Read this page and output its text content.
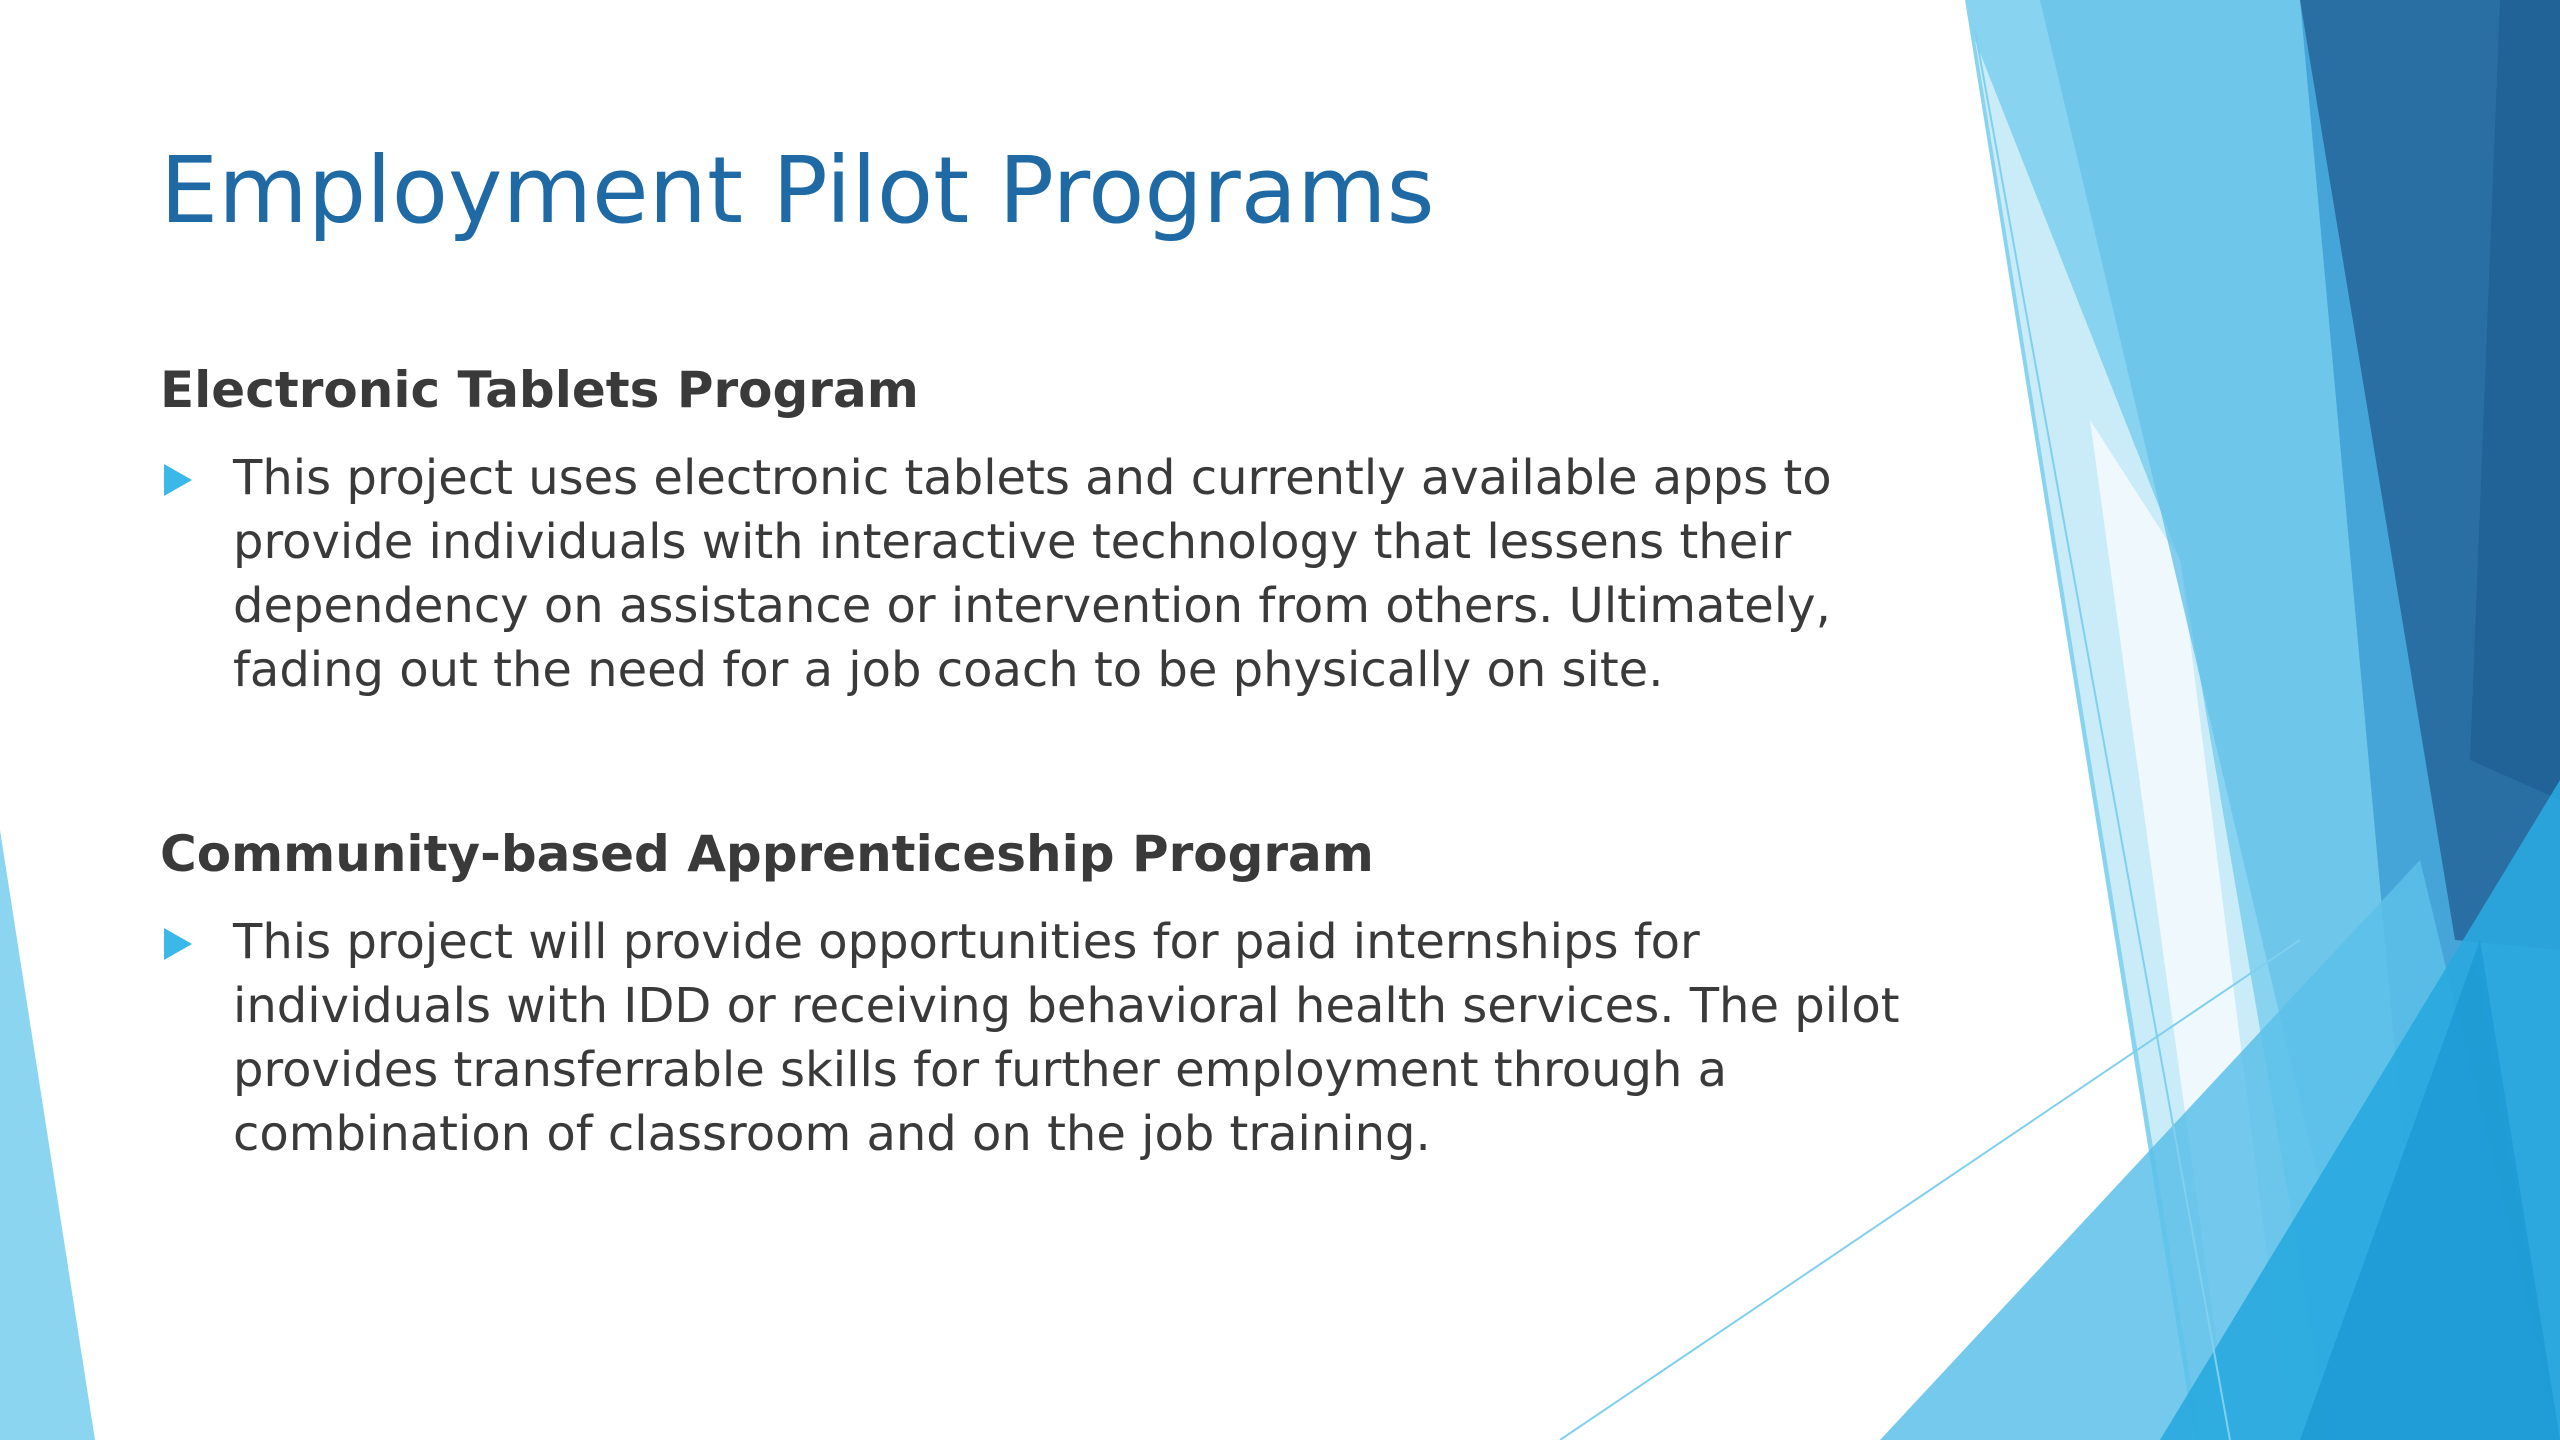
Employment Pilot Programs
Electronic Tablets Program

This project uses electronic tablets and currently available apps to provide individuals with interactive technology that lessens their dependency on assistance or intervention from others. Ultimately, fading out the need for a job coach to be physically on site.

Community-based Apprenticeship Program

This project will provide opportunities for paid internships for individuals with IDD or receiving behavioral health services. The pilot provides transferrable skills for further employment through a combination of classroom and on the job training.
